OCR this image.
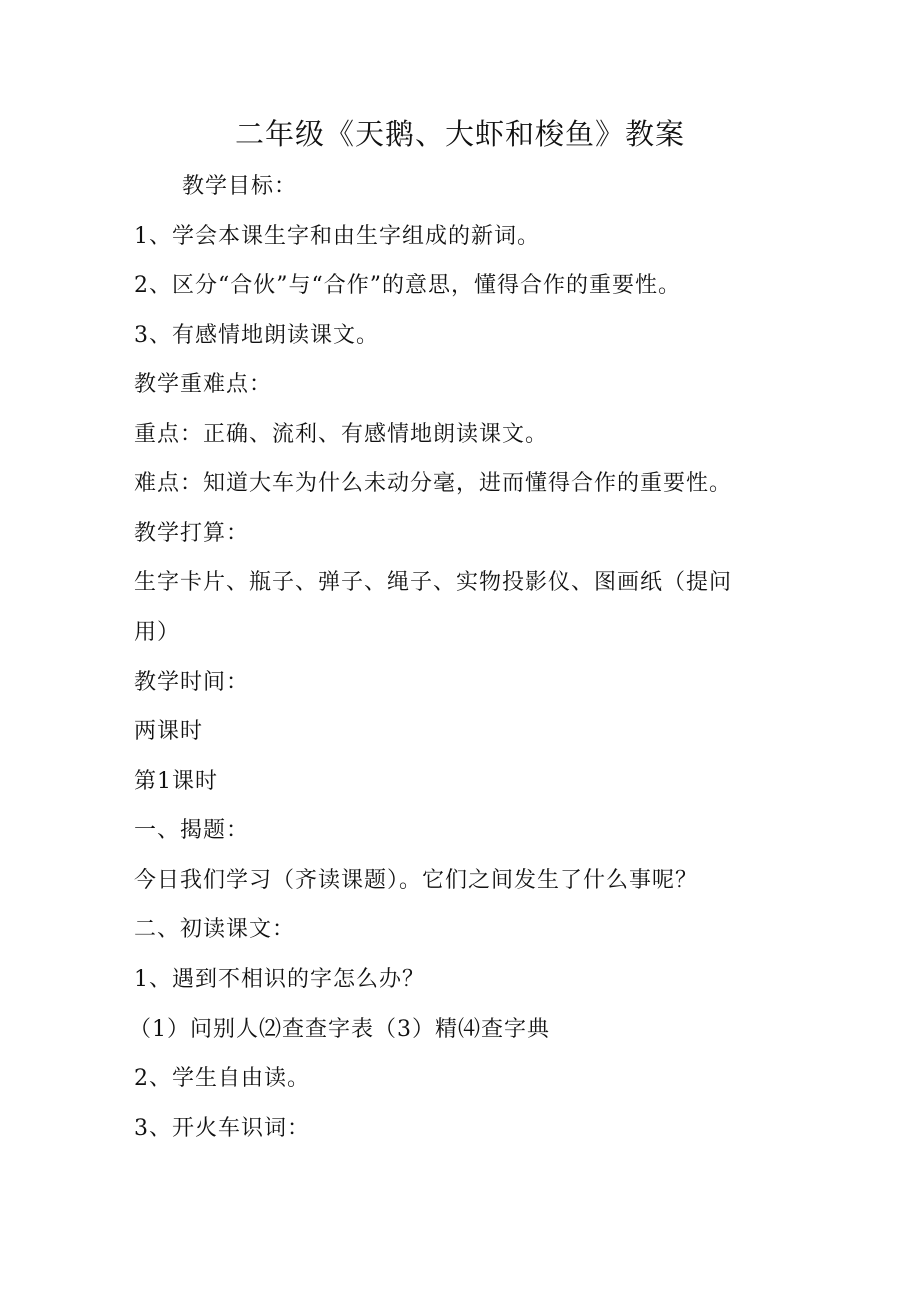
二年级《天鹅、大虾和梭鱼》教案
教学目标：
1、学会本课生字和由生字组成的新词。
2、区分“合伙”与“合作”的意思，懂得合作的重要性。
3、有感情地朗读课文。
教学重难点：
重点：正确、流利、有感情地朗读课文。
难点：知道大车为什么未动分毫，进而懂得合作的重要性。
教学打算：
生字卡片、瓶子、弹子、绳子、实物投影仪、图画纸（提问
用）
教学时间：
两课时
第1课时
一、揭题：
今日我们学习（齐读课题）。它们之间发生了什么事呢？
二、初读课文：
1、遇到不相识的字怎么办？
（1）问别人⑵查查字表（3）精⑷查字典
2、学生自由读。
3、开火车识词：
